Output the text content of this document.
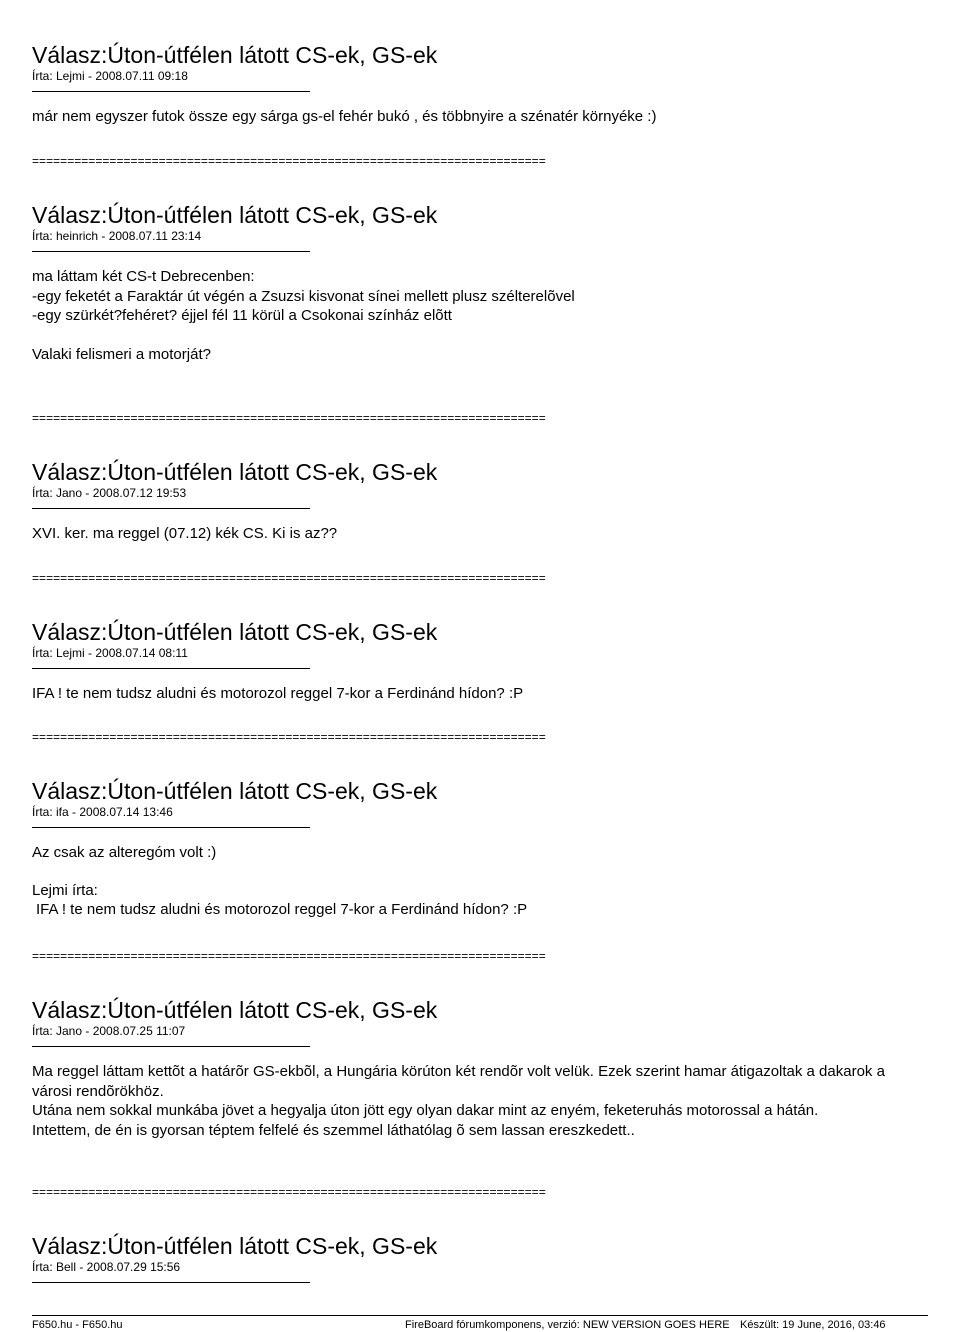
Válasz:Úton-útfélen látott CS-ek, GS-ek
Írta: Lejmi - 2008.07.11 09:18

már nem egyszer futok össze egy sárga gs-el fehér bukó , és többnyire a szénatér környéke :)

=========================================================================
Válasz:Úton-útfélen látott CS-ek, GS-ek
Írta: heinrich - 2008.07.11 23:14

ma láttam két CS-t Debrecenben:

-egy feketét a Faraktár út végén a Zsuzsi kisvonat sínei mellett plusz szélterelõvel

-egy szürkét?fehéret? éjjel fél 11 körül a Csokonai színház elõtt

Valaki felismeri a motorját?

=========================================================================
Válasz:Úton-útfélen látott CS-ek, GS-ek
Írta: Jano - 2008.07.12 19:53

XVI. ker. ma reggel (07.12) kék CS. Ki is az??

=========================================================================
Válasz:Úton-útfélen látott CS-ek, GS-ek
Írta: Lejmi - 2008.07.14 08:11

IFA ! te nem tudsz aludni és motorozol reggel 7-kor a Ferdinánd hídon? :P

=========================================================================
Válasz:Úton-útfélen látott CS-ek, GS-ek
Írta: ifa - 2008.07.14 13:46

Az csak az alteregóm volt :)

Lejmi írta:

IFA ! te nem tudsz aludni és motorozol reggel 7-kor a Ferdinánd hídon? :P

=========================================================================
Válasz:Úton-útfélen látott CS-ek, GS-ek
Írta: Jano - 2008.07.25 11:07

Ma reggel láttam kettõt a határõr GS-ekbõl, a Hungária körúton két rendõr volt velük. Ezek szerint hamar átigazoltak a dakarok a városi rendõrökhöz.

Utána nem sokkal munkába jövet a hegyalja úton jött egy olyan dakar mint az enyém, feketeruhás motorossal a hátán.

Intettem, de én is gyorsan téptem felfelé és szemmel láthatólag õ sem lassan ereszkedett..

=========================================================================
Válasz:Úton-útfélen látott CS-ek, GS-ek
Írta: Bell - 2008.07.29 15:56
F650.hu - F650.hu	FireBoard fórumkomponens, verzió: NEW VERSION GOES HERE Készült: 19 June, 2016, 03:46
